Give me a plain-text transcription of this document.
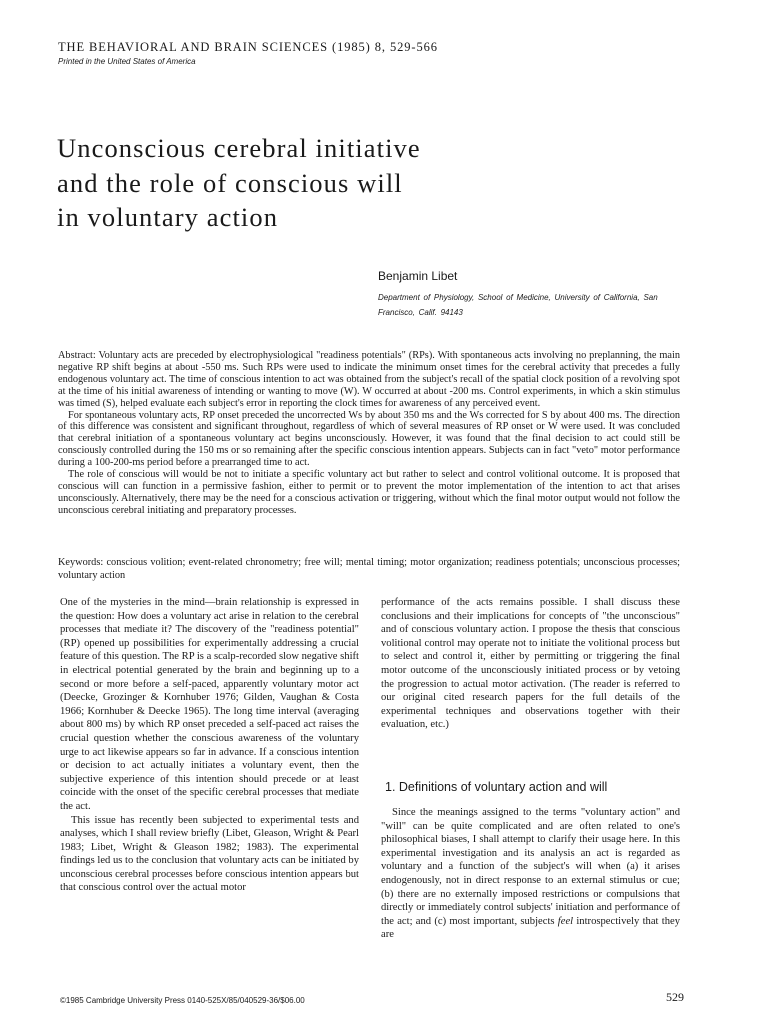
THE BEHAVIORAL AND BRAIN SCIENCES (1985) 8, 529-566
Printed in the United States of America
Unconscious cerebral initiative
and the role of conscious will
in voluntary action
Benjamin Libet
Department of Physiology, School of Medicine, University of California, San Francisco, Calif. 94143

Abstract: Voluntary acts are preceded by electrophysiological "readiness potentials" (RPs). With spontaneous acts involving no preplanning, the main negative RP shift begins at about -550 ms. Such RPs were used to indicate the minimum onset times for the cerebral activity that precedes a fully endogenous voluntary act. The time of conscious intention to act was obtained from the subject's recall of the spatial clock position of a revolving spot at the time of his initial awareness of intending or wanting to move (W). W occurred at about -200 ms. Control experiments, in which a skin stimulus was timed (S), helped evaluate each subject's error in reporting the clock times for awareness of any perceived event.

For spontaneous voluntary acts, RP onset preceded the uncorrected Ws by about 350 ms and the Ws corrected for S by about 400 ms. The direction of this difference was consistent and significant throughout, regardless of which of several measures of RP onset or W were used. It was concluded that cerebral initiation of a spontaneous voluntary act begins unconsciously. However, it was found that the final decision to act could still be consciously controlled during the 150 ms or so remaining after the specific conscious intention appears. Subjects can in fact "veto" motor performance during a 100-200-ms period before a prearranged time to act.

The role of conscious will would be not to initiate a specific voluntary act but rather to select and control volitional outcome. It is proposed that conscious will can function in a permissive fashion, either to permit or to prevent the motor implementation of the intention to act that arises unconsciously. Alternatively, there may be the need for a conscious activation or triggering, without which the final motor output would not follow the unconscious cerebral initiating and preparatory processes.

Keywords: conscious volition; event-related chronometry; free will; mental timing; motor organization; readiness potentials; unconscious processes; voluntary action

One of the mysteries in the mind—brain relationship is expressed in the question: How does a voluntary act arise in relation to the cerebral processes that mediate it? The discovery of the "readiness potential" (RP) opened up possibilities for experimentally addressing a crucial feature of this question. The RP is a scalp-recorded slow negative shift in electrical potential generated by the brain and beginning up to a second or more before a self-paced, apparently voluntary motor act (Deecke, Grozinger & Kornhuber 1976; Gilden, Vaughan & Costa 1966; Kornhuber & Deecke 1965). The long time interval (averaging about 800 ms) by which RP onset preceded a self-paced act raises the crucial question whether the conscious awareness of the voluntary urge to act likewise appears so far in advance. If a conscious intention or decision to act actually initiates a voluntary event, then the subjective experience of this intention should precede or at least coincide with the onset of the specific cerebral processes that mediate the act.

This issue has recently been subjected to experimental tests and analyses, which I shall review briefly (Libet, Gleason, Wright & Pearl 1983; Libet, Wright & Gleason 1982; 1983). The experimental findings led us to the conclusion that voluntary acts can be initiated by unconscious cerebral processes before conscious intention appears but that conscious control over the actual motor

performance of the acts remains possible. I shall discuss these conclusions and their implications for concepts of "the unconscious" and of conscious voluntary action. I propose the thesis that conscious volitional control may operate not to initiate the volitional process but to select and control it, either by permitting or triggering the final motor outcome of the unconsciously initiated process or by vetoing the progression to actual motor activation. (The reader is referred to our original cited research papers for the full details of the experimental techniques and observations together with their evaluation, etc.)

1. Definitions of voluntary action and will

Since the meanings assigned to the terms "voluntary action" and "will" can be quite complicated and are often related to one's philosophical biases, I shall attempt to clarify their usage here. In this experimental investigation and its analysis an act is regarded as voluntary and a function of the subject's will when (a) it arises endogenously, not in direct response to an external stimulus or cue; (b) there are no externally imposed restrictions or compulsions that directly or immediately control subjects' initiation and performance of the act; and (c) most important, subjects feel introspectively that they are

©1985 Cambridge University Press 0140-525X/85/040529-36/$06.00	529
